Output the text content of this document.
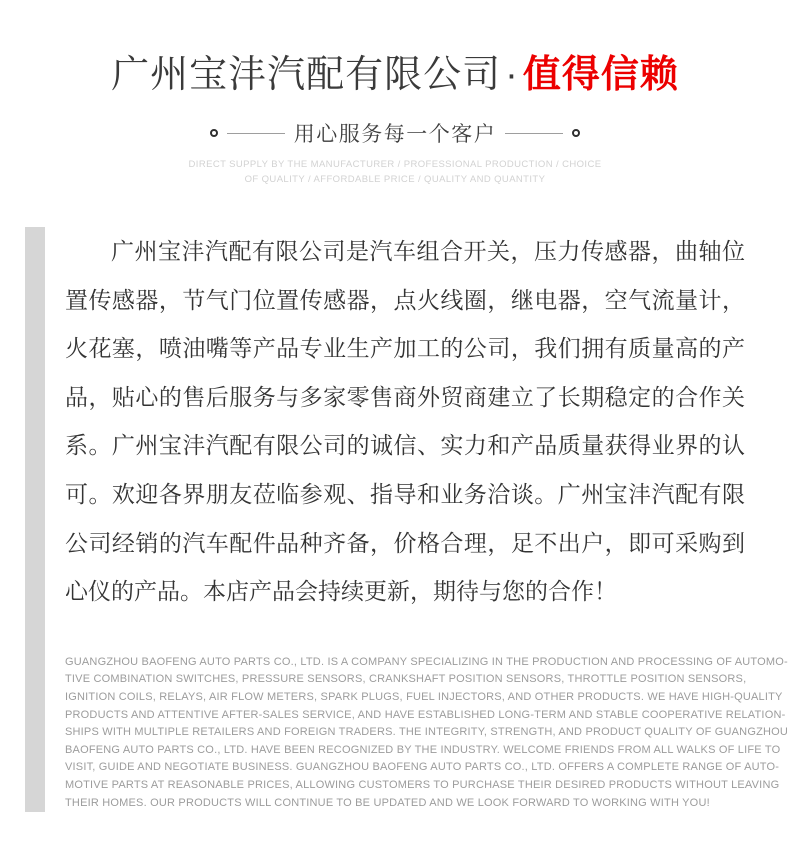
广州宝沣汽配有限公司 · 值得信赖
用心服务每一个客户
DIRECT SUPPLY BY THE MANUFACTURER / PROFESSIONAL PRODUCTION / CHOICE
OF QUALITY / AFFORDABLE PRICE / QUALITY AND QUANTITY
广州宝沣汽配有限公司是汽车组合开关，压力传感器，曲轴位
置传感器，节气门位置传感器，点火线圈，继电器，空气流量计，
火花塞，喷油嘴等产品专业生产加工的公司，我们拥有质量高的产
品，贴心的售后服务与多家零售商外贸商建立了长期稳定的合作关
系。广州宝沣汽配有限公司的诚信、实力和产品质量获得业界的认
可。欢迎各界朋友莅临参观、指导和业务洽谈。广州宝沣汽配有限
公司经销的汽车配件品种齐备，价格合理，足不出户，即可采购到
心仪的产品。本店产品会持续更新，期待与您的合作！
GUANGZHOU BAOFENG AUTO PARTS CO., LTD. IS A COMPANY SPECIALIZING IN THE PRODUCTION AND PROCESSING OF AUTOMO-
TIVE COMBINATION SWITCHES, PRESSURE SENSORS, CRANKSHAFT POSITION SENSORS, THROTTLE POSITION SENSORS,
IGNITION COILS, RELAYS, AIR FLOW METERS, SPARK PLUGS, FUEL INJECTORS, AND OTHER PRODUCTS. WE HAVE HIGH-QUALITY
PRODUCTS AND ATTENTIVE AFTER-SALES SERVICE, AND HAVE ESTABLISHED LONG-TERM AND STABLE COOPERATIVE RELATION-
SHIPS WITH MULTIPLE RETAILERS AND FOREIGN TRADERS. THE INTEGRITY, STRENGTH, AND PRODUCT QUALITY OF GUANGZHOU
BAOFENG AUTO PARTS CO., LTD. HAVE BEEN RECOGNIZED BY THE INDUSTRY. WELCOME FRIENDS FROM ALL WALKS OF LIFE TO
VISIT, GUIDE AND NEGOTIATE BUSINESS. GUANGZHOU BAOFENG AUTO PARTS CO., LTD. OFFERS A COMPLETE RANGE OF AUTO-
MOTIVE PARTS AT REASONABLE PRICES, ALLOWING CUSTOMERS TO PURCHASE THEIR DESIRED PRODUCTS WITHOUT LEAVING
THEIR HOMES. OUR PRODUCTS WILL CONTINUE TO BE UPDATED AND WE LOOK FORWARD TO WORKING WITH YOU!
